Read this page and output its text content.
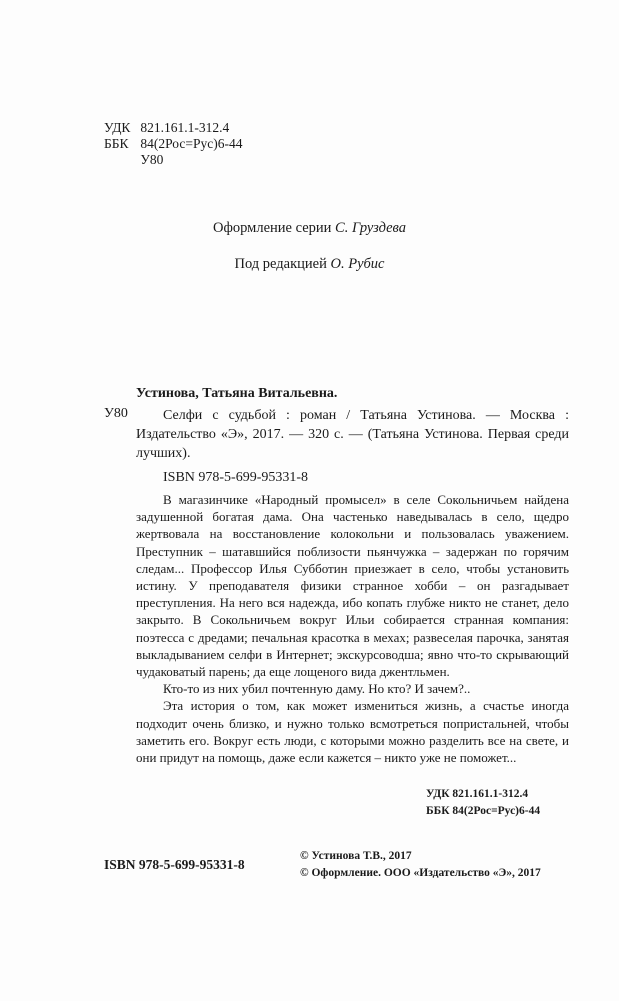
УДК 821.161.1-312.4
ББК 84(2Рос=Рус)6-44
У80
Оформление серии С. Груздева
Под редакцией О. Рубис
Устинова, Татьяна Витальевна.
У80	Селфи с судьбой : роман / Татьяна Устинова. — Москва : Издательство «Э», 2017. — 320 с. — (Татьяна Устинова. Первая среди лучших).
ISBN 978-5-699-95331-8

В магазинчике «Народный промысел» в селе Сокольничьем найдена задушенной богатая дама. Она частенько наведывалась в село, щедро жертвовала на восстановление колокольни и пользовалась уважением. Преступник – шатавшийся поблизости пьянчужка – задержан по горячим следам... Профессор Илья Субботин приезжает в село, чтобы установить истину. У преподавателя физики странное хобби – он разгадывает преступления. На него вся надежда, ибо копать глубже никто не станет, дело закрыто. В Сокольничьем вокруг Ильи собирается странная компания: поэтесса с дредами; печальная красотка в мехах; развеселая парочка, занятая выкладыванием селфи в Интернет; экскурсоводша; явно что-то скрывающий чудаковатый парень; да еще лощеного вида джентльмен.

Кто-то из них убил почтенную даму. Но кто? И зачем?..

Эта история о том, как может измениться жизнь, а счастье иногда подходит очень близко, и нужно только всмотреться попристальней, чтобы заметить его. Вокруг есть люди, с которыми можно разделить все на свете, и они придут на помощь, даже если кажется – никто уже не поможет...

УДК 821.161.1-312.4
ББК 84(2Рос=Рус)6-44
ISBN 978-5-699-95331-8
© Устинова Т.В., 2017
© Оформление. ООО «Издательство «Э», 2017
